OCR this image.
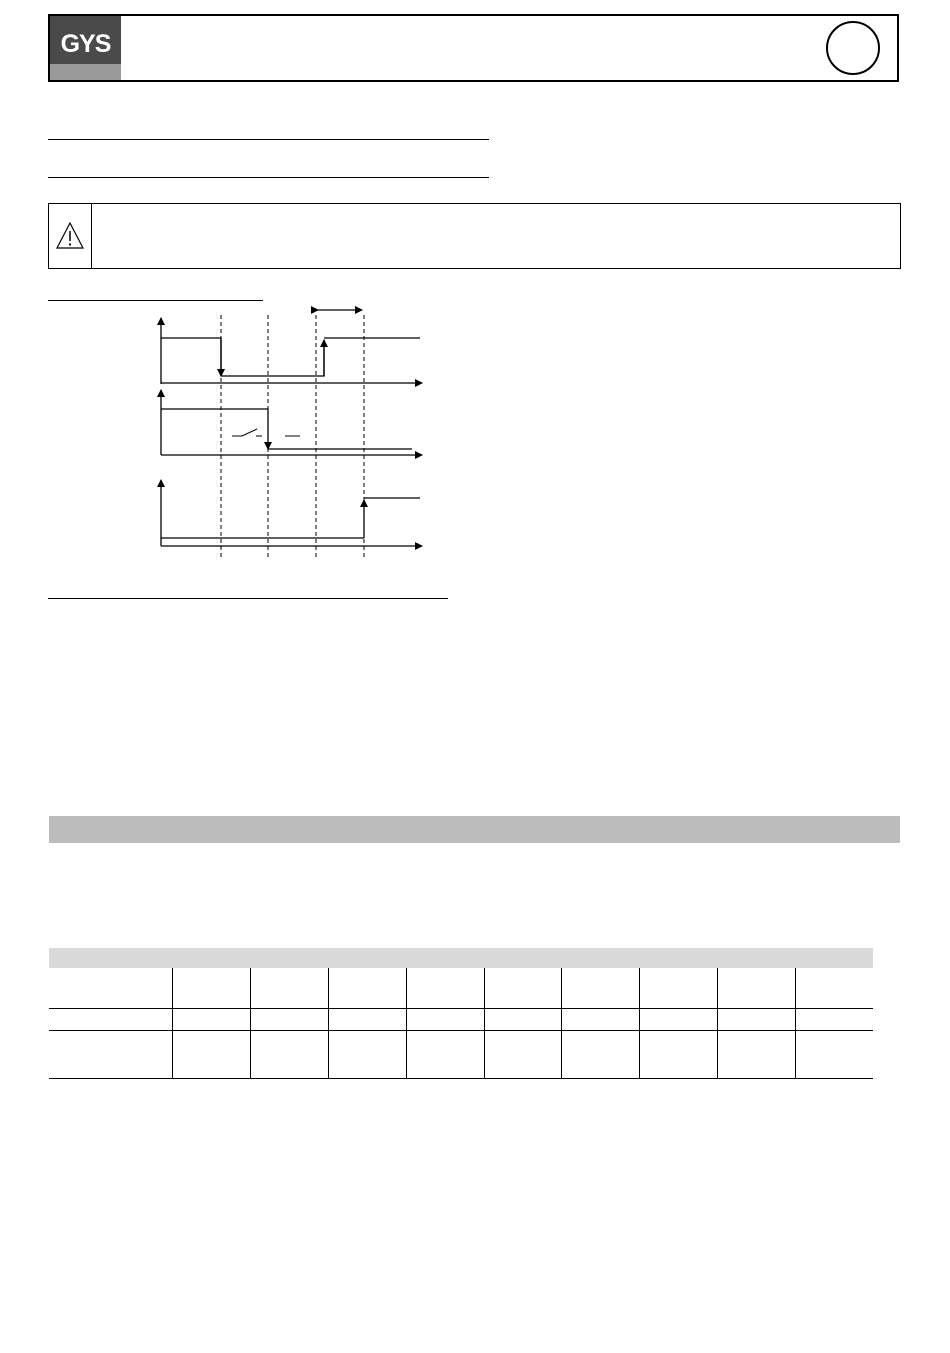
GYS
